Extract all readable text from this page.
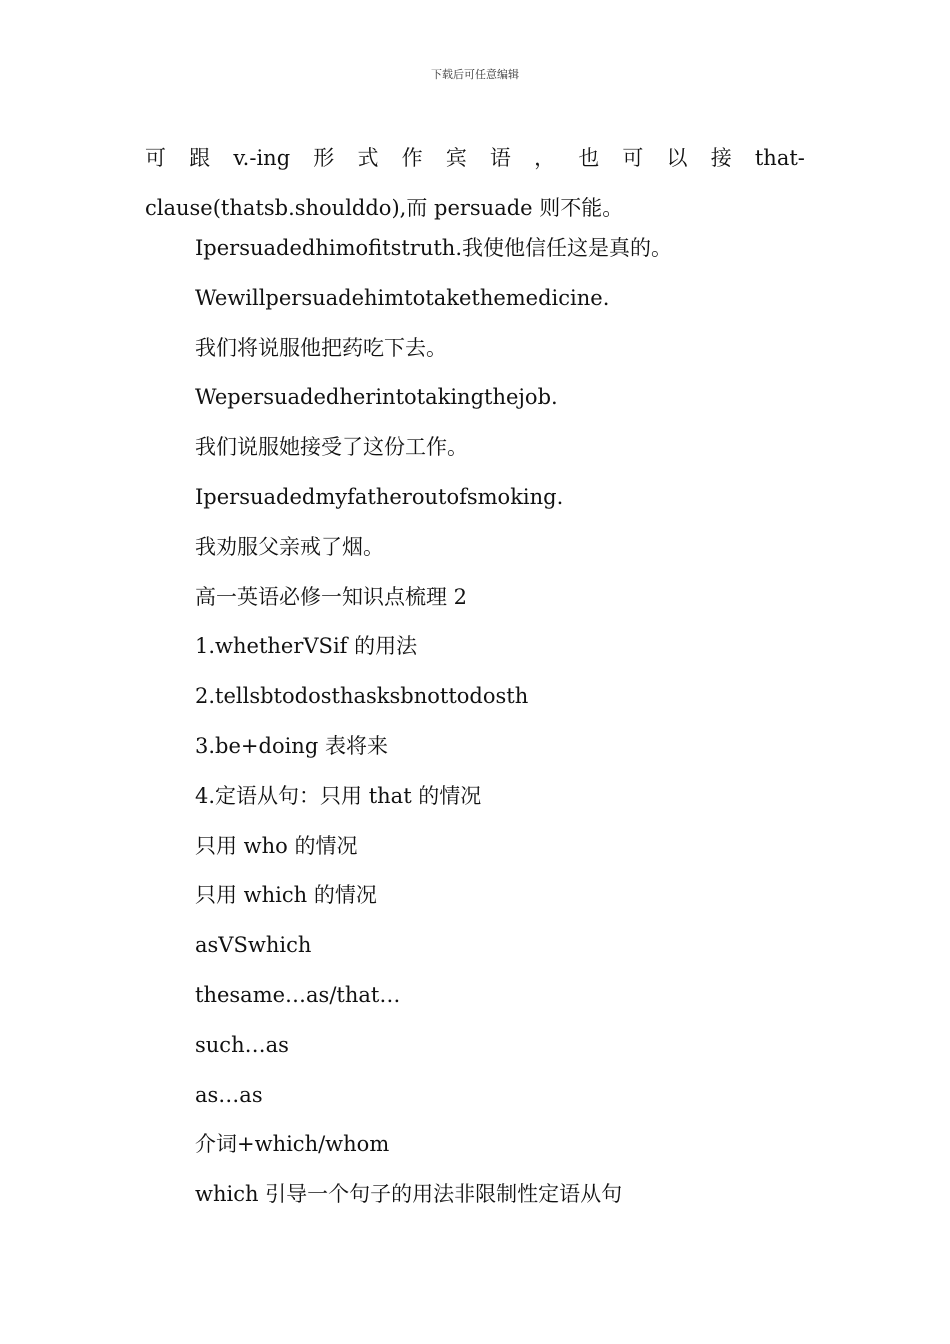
下载后可任意编辑
可 跟 v.-ing 形 式 作 宾 语 ， 也 可 以 接 that-
clause(thatsb.shoulddo),而 persuade 则不能。
Ipersuadedhimofitstruth.我使他信任这是真的。
Wewillpersuadehimtotakethemedicine.
我们将说服他把药吃下去。
Wepersuadedherintotakingthejob.
我们说服她接受了这份工作。
Ipersuadedmyfatheroutofsmoking.
我劝服父亲戒了烟。
高一英语必修一知识点梳理 2
1.whetherVSif 的用法
2.tellsbtodosthasksbnottodosth
3.be+doing 表将来
4.定语从句：只用 that 的情况
只用 who 的情况
只用 which 的情况
asVSwhich
thesame…as/that…
such…as
as…as
介词+which/whom
which 引导一个句子的用法非限制性定语从句
